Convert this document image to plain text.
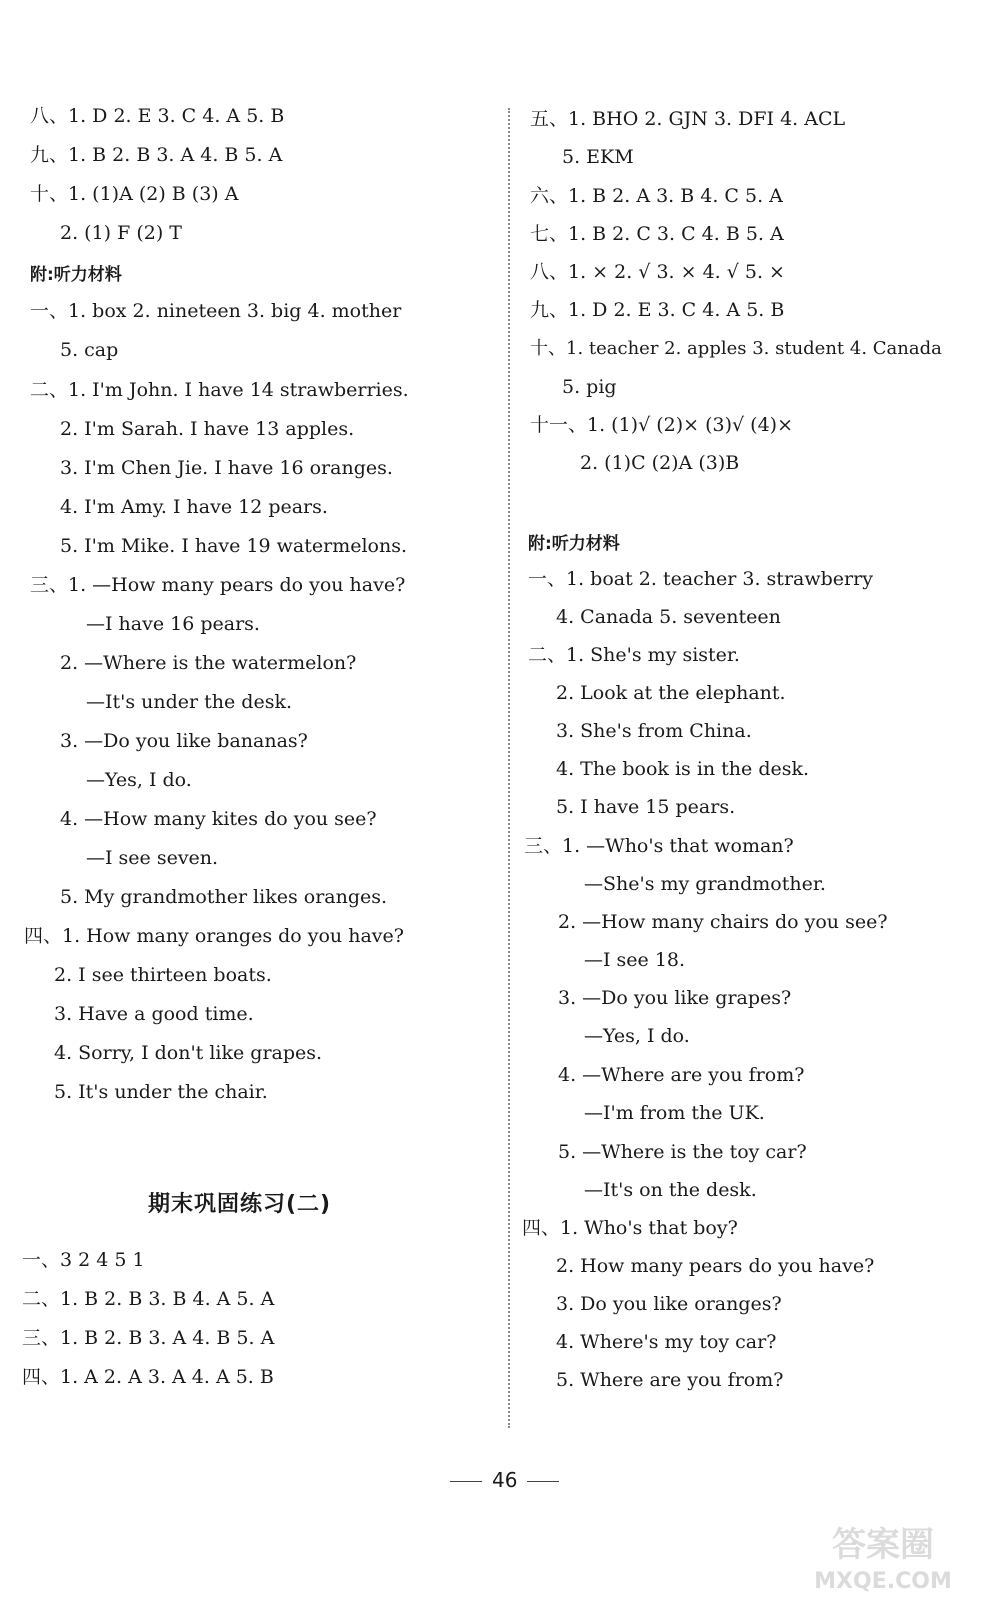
八、1. D 2. E 3. C 4. A 5. B
九、1. B 2. B 3. A 4. B 5. A
十、1. (1)A (2) B (3) A
2. (1) F (2) T
附:听力材料
一、1. box 2. nineteen 3. big 4. mother
5. cap
二、1. I'm John. I have 14 strawberries.
2. I'm Sarah. I have 13 apples.
3. I'm Chen Jie. I have 16 oranges.
4. I'm Amy. I have 12 pears.
5. I'm Mike. I have 19 watermelons.
三、1. —How many pears do you have?
—I have 16 pears.
2. —Where is the watermelon?
—It's under the desk.
3. —Do you like bananas?
—Yes, I do.
4. —How many kites do you see?
—I see seven.
5. My grandmother likes oranges.
四、1. How many oranges do you have?
2. I see thirteen boats.
3. Have a good time.
4. Sorry, I don't like grapes.
5. It's under the chair.
期末巩固练习(二)
一、3 2 4 5 1
二、1. B 2. B 3. B 4. A 5. A
三、1. B 2. B 3. A 4. B 5. A
四、1. A 2. A 3. A 4. A 5. B
五、1. BHO 2. GJN 3. DFI 4. ACL
5. EKM
六、1. B 2. A 3. B 4. C 5. A
七、1. B 2. C 3. C 4. B 5. A
八、1. × 2. √ 3. × 4. √ 5. ×
九、1. D 2. E 3. C 4. A 5. B
十、1. teacher 2. apples 3. student 4. Canada
5. pig
十一、1. (1)√ (2)× (3)√ (4)×
2. (1)C (2)A (3)B
附:听力材料
一、1. boat 2. teacher 3. strawberry
4. Canada 5. seventeen
二、1. She's my sister.
2. Look at the elephant.
3. She's from China.
4. The book is in the desk.
5. I have 15 pears.
三、1. —Who's that woman?
—She's my grandmother.
2. —How many chairs do you see?
—I see 18.
3. —Do you like grapes?
—Yes, I do.
4. —Where are you from?
—I'm from the UK.
5. —Where is the toy car?
—It's on the desk.
四、1. Who's that boy?
2. How many pears do you have?
3. Do you like oranges?
4. Where's my toy car?
5. Where are you from?
46
答案圈
MXQE.COM
